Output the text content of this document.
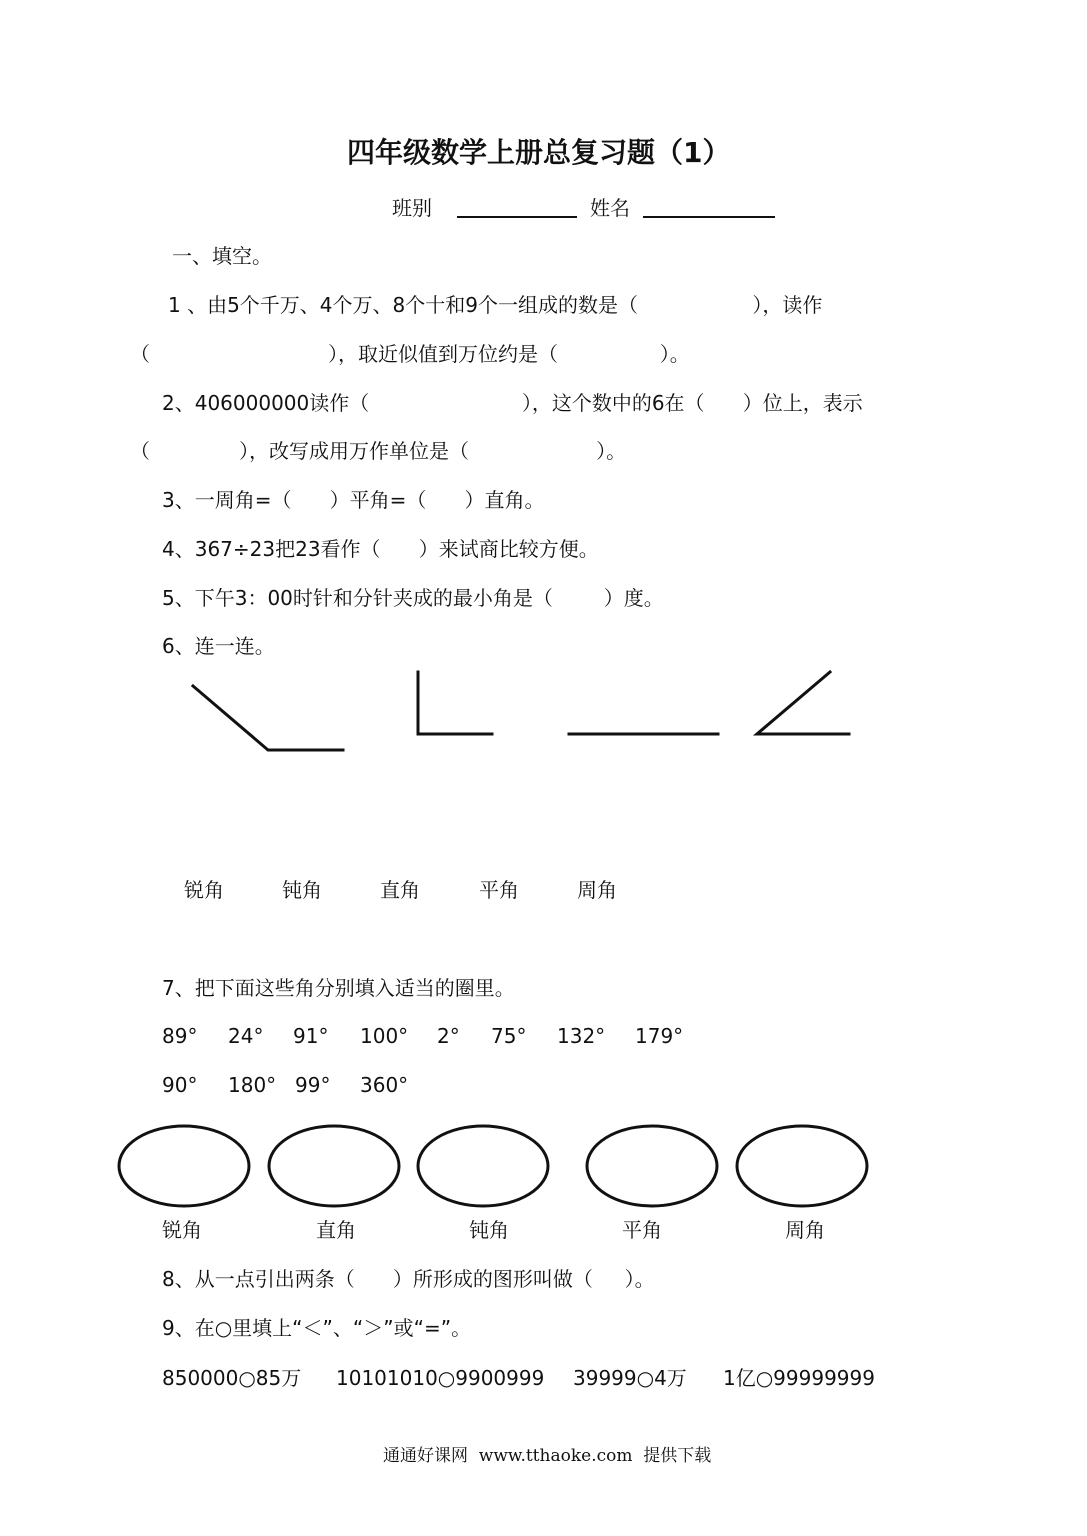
四年级数学上册总复习题（1）
班别	姓名
一、填空。
1 、由5个千万、4个万、8个十和9个一组成的数是（                  ），读作
（                            ），取近似值到万位约是（                ）。
2、406000000读作（                        ），这个数中的6在（      ）位上，表示
（              ），改写成用万作单位是（                    ）。
3、一周角=（      ）平角=（      ）直角。
4、367÷23把23看作（      ）来试商比较方便。
5、下午3：00时针和分针夹成的最小角是（        ）度。
6、连一连。
锐角	钝角	直角	平角	周角
7、把下面这些角分别填入适当的圈里。
89° 24° 91° 100° 2° 75° 132° 179°
90° 180° 99° 360°
锐角	直角	钝角	平角	周角
8、从一点引出两条（      ）所形成的图形叫做（     ）。
9、在○里填上“＜”、“＞”或“=”。
850000○85万 10101010○9900999 39999○4万 1亿○99999999
通通好课网  www.tthaoke.com  提供下载
